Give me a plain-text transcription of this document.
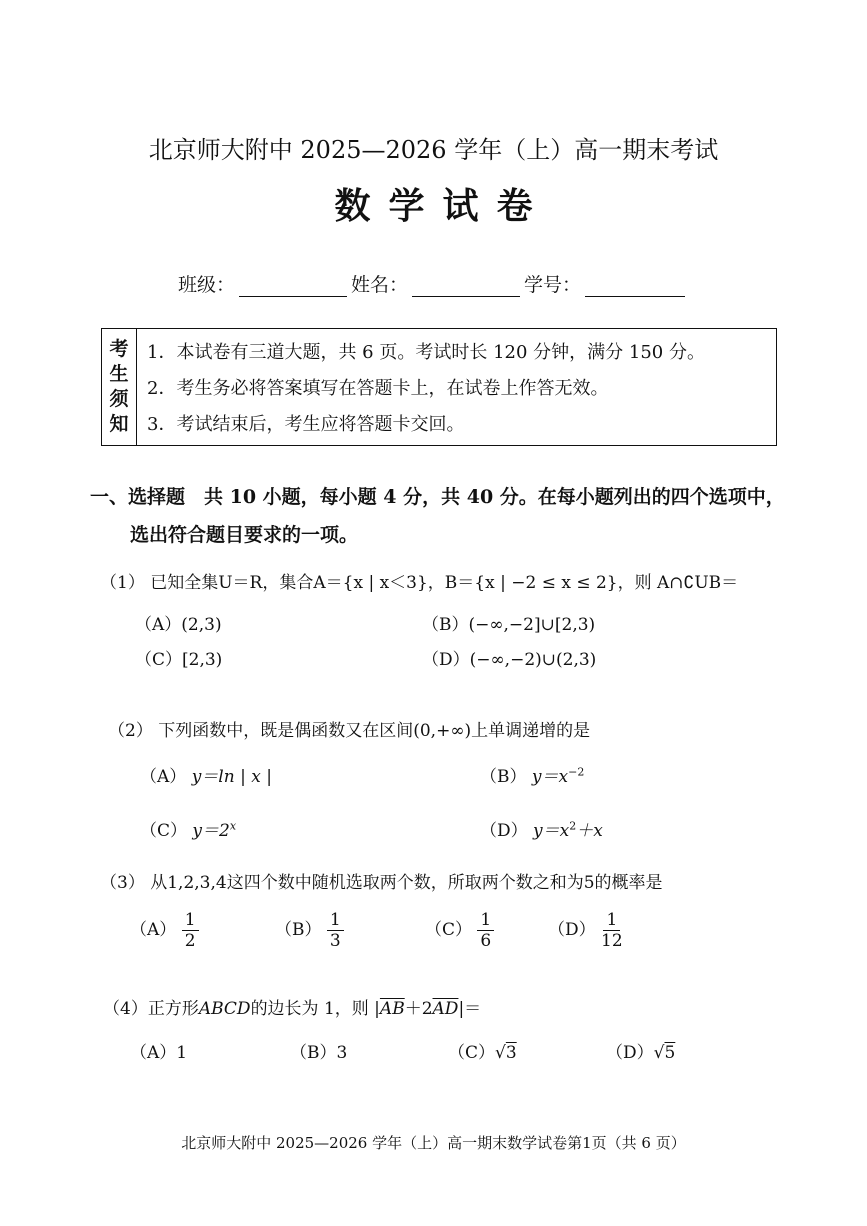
北京师大附中 2025—2026 学年（上）高一期末考试
数学试卷
班级：	姓名：	学号：
考
生
须
知
1．本试卷有三道大题，共 6 页。考试时长 120 分钟，满分 150 分。
2．考生务必将答案填写在答题卡上，在试卷上作答无效。
3．考试结束后，考生应将答题卡交回。
一、选择题　共 10 小题，每小题 4 分，共 40 分。在每小题列出的四个选项中，
选出符合题目要求的一项。
（1） 已知全集U＝R，集合A＝{x | x＜3}，B＝{x | −2 ≤ x ≤ 2}，则 A∩∁UB＝
（A）(2,3)	（B）(−∞,−2]∪[2,3)
（C）[2,3)	（D）(−∞,−2)∪(2,3)
（2） 下列函数中，既是偶函数又在区间(0,+∞)上单调递增的是
（A） y＝ln | x |	（B） $y=x^{-2}$
（C） $y=2^x$	（D） $y=x^2+x$
（3） 从1,2,3,4这四个数中随机选取两个数，所取两个数之和为5的概率是
$(A) \frac{1}{2}$	$(B) \frac{1}{3}$	$(C) \frac{1}{6}$	$(D) \frac{1}{12}$
（4）正方形ABCD的边长为 1，则 $|\overline{AB}+2\overline{AD}|=$
（A）1	（B）3	（C）√3	（D）√5
北京师大附中 2025—2026 学年（上）高一期末数学试卷第1页（共 6 页）
